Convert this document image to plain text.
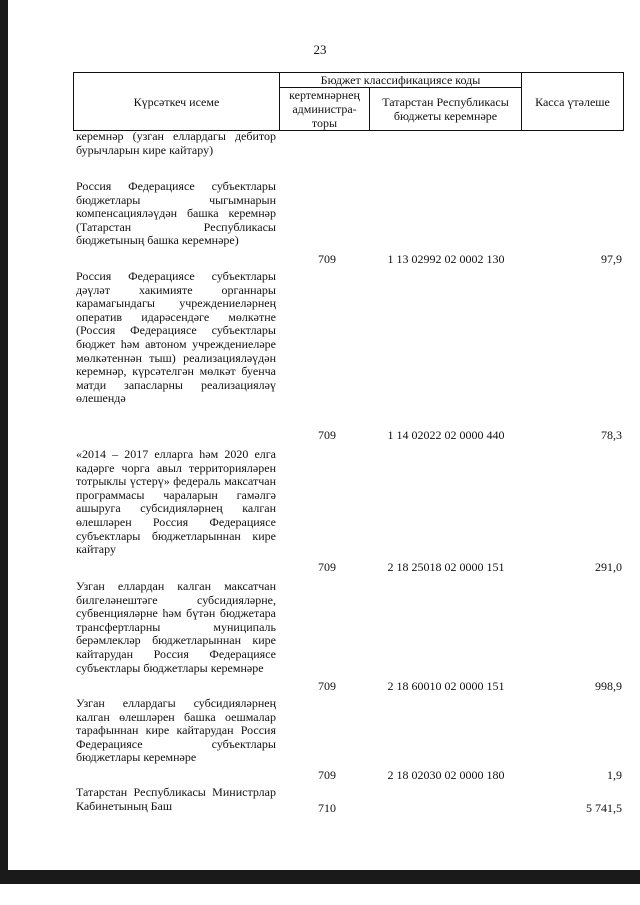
23
Күрсәткеч исеме	Бюджет классификациясе коды		Касса үтәлеше
	кертемнәрнең администра-торы	Татарстан Республикасы бюджеты керемнәре	
керемнәр (узган еллардагы дебитор бурычларын кире кайтару)
Россия Федерациясе субъектлары бюджетлары чыгымнарын компенсацияләүдән башка керемнәр (Татарстан Республикасы бюджетының башка керемнәре)
709	1 13 02992 02 0002 130	97,9
Россия Федерациясе субъектлары дәүләт хакимияте органнары карамагындагы учреждениеләрнең оператив идарәсендәге мөлкәтне (Россия Федерациясе субъектлары бюджет һәм автоном учреждениеләре мөлкәтеннән тыш) реализацияләүдән керемнәр, күрсәтелгән мөлкәт буенча матди запасларны реализацияләү өлешендә
709	1 14 02022 02 0000 440	78,3
«2014 – 2017 елларга һәм 2020 елга кадәрге чорга авыл территорияләрен тотрыклы үстерү» федераль максатчан программасы чараларын гамәлгә ашыруга субсидияләрнең калган өлешләрен Россия Федерациясе субъектлары бюджетларыннан кире кайтару
709	2 18 25018 02 0000 151	291,0
Узган еллардан калган максатчан билгеләнештәге субсидияләрне, субвенцияләрне һәм бүтән бюджетара трансфертларны муниципаль берәмлекләр бюджетларыннан кире кайтарудан Россия Федерациясе субъектлары бюджетлары керемнәре
709	2 18 60010 02 0000 151	998,9
Узган еллардагы субсидияләрнең калган өлешләрен башка оешмалар тарафыннан кире кайтарудан Россия Федерациясе субъектлары бюджетлары керемнәре
709	2 18 02030 02 0000 180	1,9
Татарстан Республикасы Министрлар Кабинетының Баш	710	5 741,5
